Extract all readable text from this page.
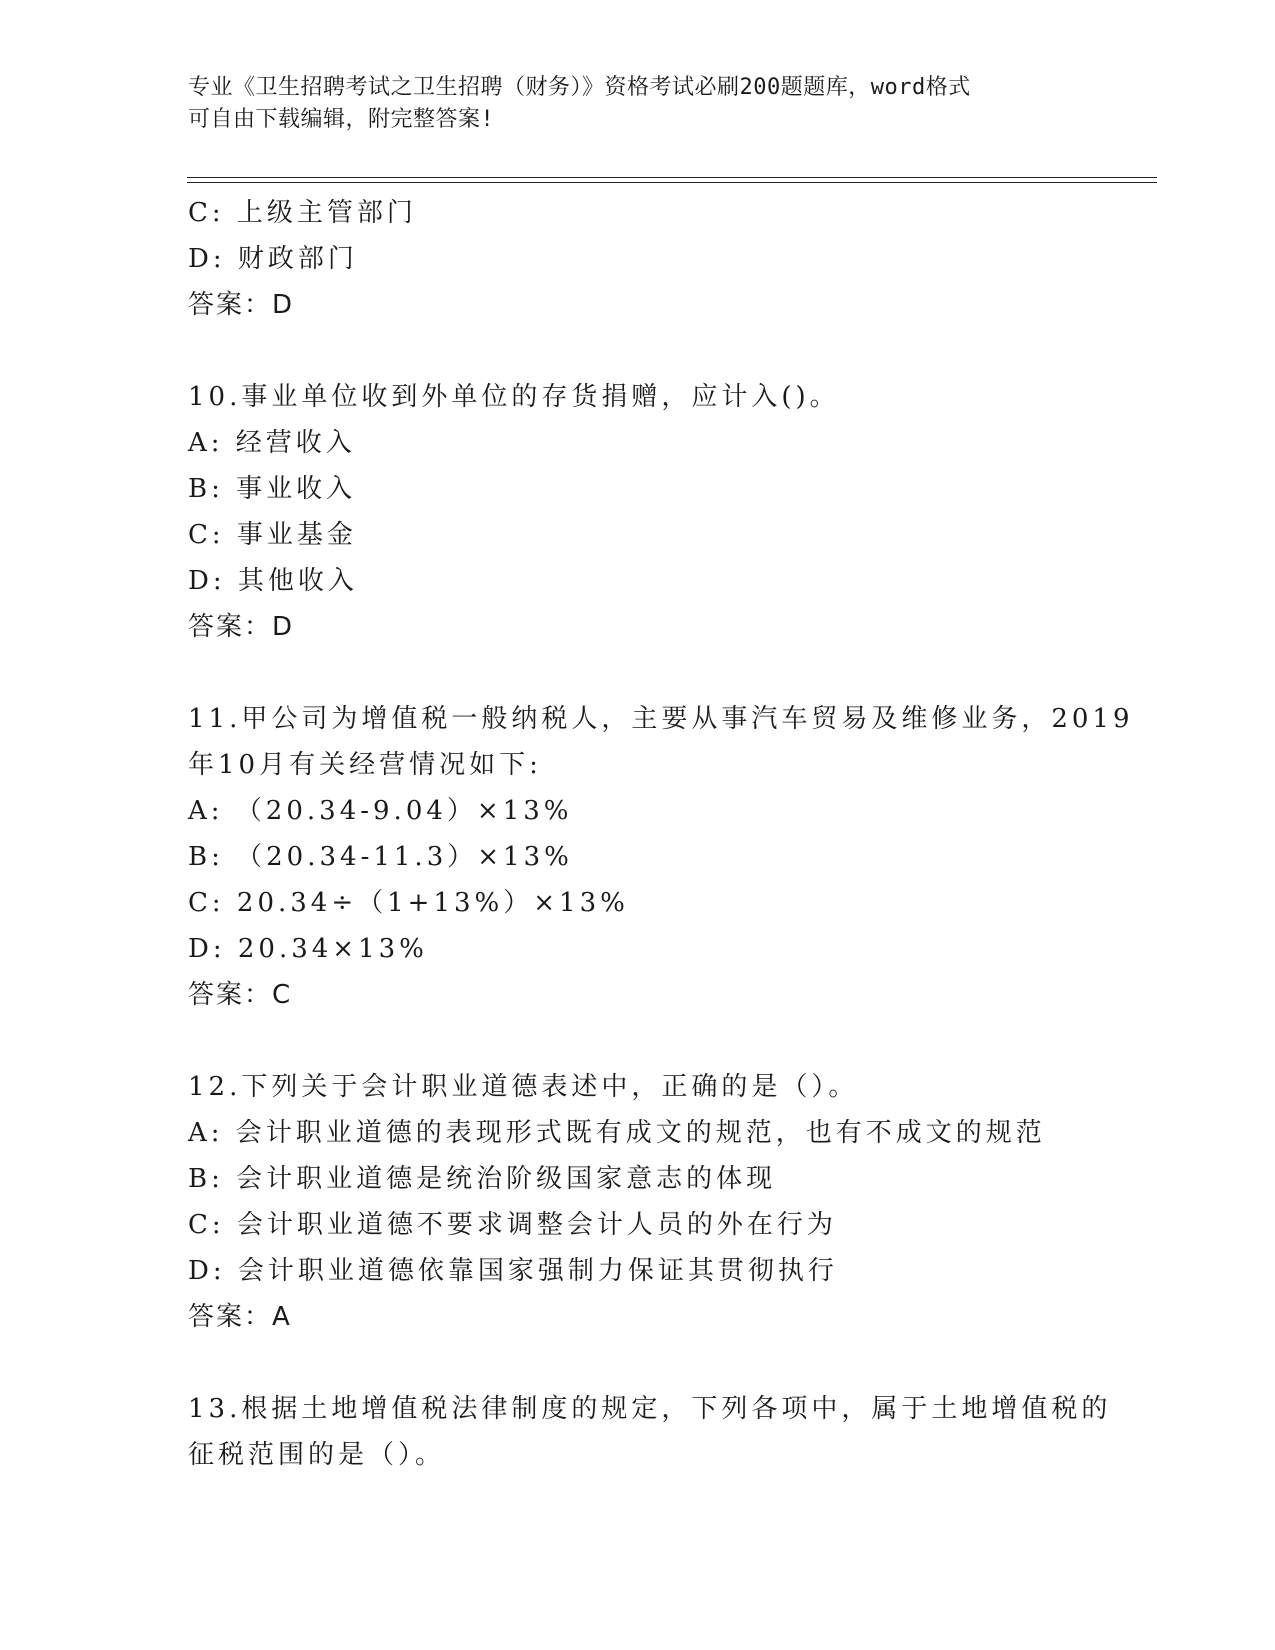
专业《卫生招聘考试之卫生招聘（财务）》资格考试必刷200题题库，word格式
可自由下载编辑，附完整答案!
C: 上级主管部门
D: 财政部门
答案：D
10.事业单位收到外单位的存货捐赠，应计入()。
A: 经营收入
B: 事业收入
C: 事业基金
D: 其他收入
答案：D
11.甲公司为增值税一般纳税人，主要从事汽车贸易及维修业务，2019
年10月有关经营情况如下:
A: （20.34-9.04）×13%
B: （20.34-11.3）×13%
C: 20.34÷（1+13%）×13%
D: 20.34×13%
答案：C
12.下列关于会计职业道德表述中，正确的是（）。
A: 会计职业道德的表现形式既有成文的规范，也有不成文的规范
B: 会计职业道德是统治阶级国家意志的体现
C: 会计职业道德不要求调整会计人员的外在行为
D: 会计职业道德依靠国家强制力保证其贯彻执行
答案：A
13.根据土地增值税法律制度的规定，下列各项中，属于土地增值税的
征税范围的是（）。
